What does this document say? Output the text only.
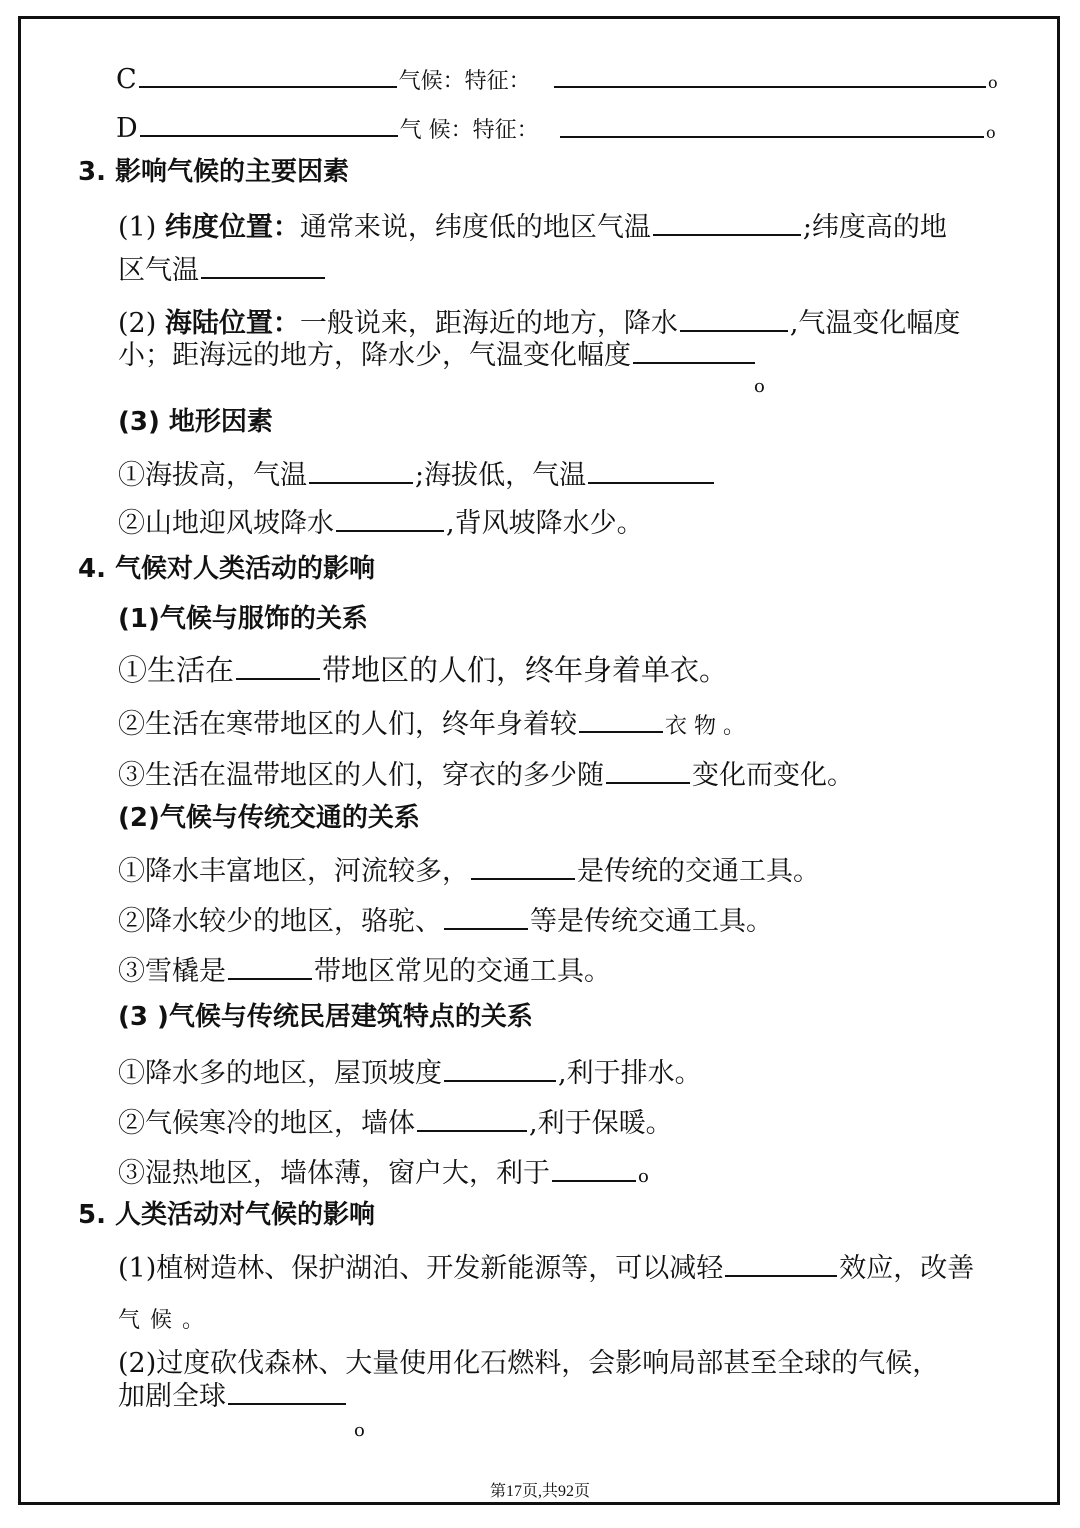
C	气候：特征：	o
D	气 候：特征：	o
3. 影响气候的主要因素
(1) 纬度位置：通常来说，纬度低的地区气温	;纬度高的地
区气温
(2) 海陆位置：一般说来，距海近的地方，降水	,气温变化幅度
小；距海远的地方，降水少，气温变化幅度
o
(3) 地形因素
①海拔高，气温	;海拔低，气温
②山地迎风坡降水	,背风坡降水少。
4. 气候对人类活动的影响
(1)气候与服饰的关系
①生活在	带地区的人们，终年身着单衣。
②生活在寒带地区的人们，终年身着较	衣 物 。
③生活在温带地区的人们，穿衣的多少随	变化而变化。
(2)气候与传统交通的关系
①降水丰富地区，河流较多，	是传统的交通工具。
②降水较少的地区，骆驼、	等是传统交通工具。
③雪橇是	带地区常见的交通工具。
(3 )气候与传统民居建筑特点的关系
①降水多的地区，屋顶坡度	,利于排水。
②气候寒冷的地区，墙体	,利于保暖。
③湿热地区，墙体薄，窗户大，利于	o
5. 人类活动对气候的影响
(1)植树造林、保护湖泊、开发新能源等，可以减轻	效应，改善
气候。
(2)过度砍伐森林、大量使用化石燃料，会影响局部甚至全球的气候，
加剧全球
o
第17页,共92页
